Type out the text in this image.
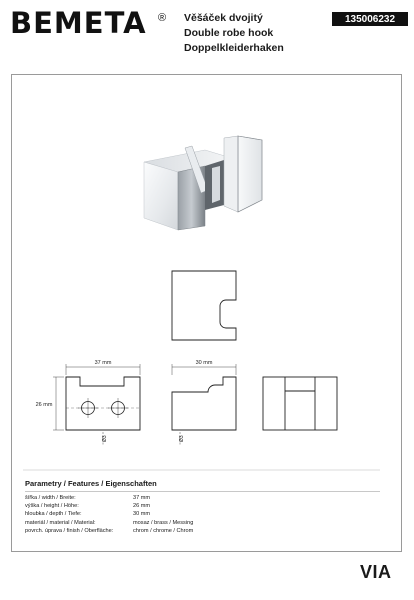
BEMETA ® Věšáček dvojitý
Double robe hook
Doppelkleiderhaken
135006232
37 mm
26 mm
30 mm
Ø3	Ø3
Parametry / Features / Eigenschaften
šířka / width / Breite:	37 mm
výška / height / Höhe:	26 mm
hloubka / depth / Tiefe:	30 mm
materiál / material / Material:	mosaz / brass / Messing
povrch. úprava / finish / Oberfläche:	chrom / chrome / Chrom
VIA
